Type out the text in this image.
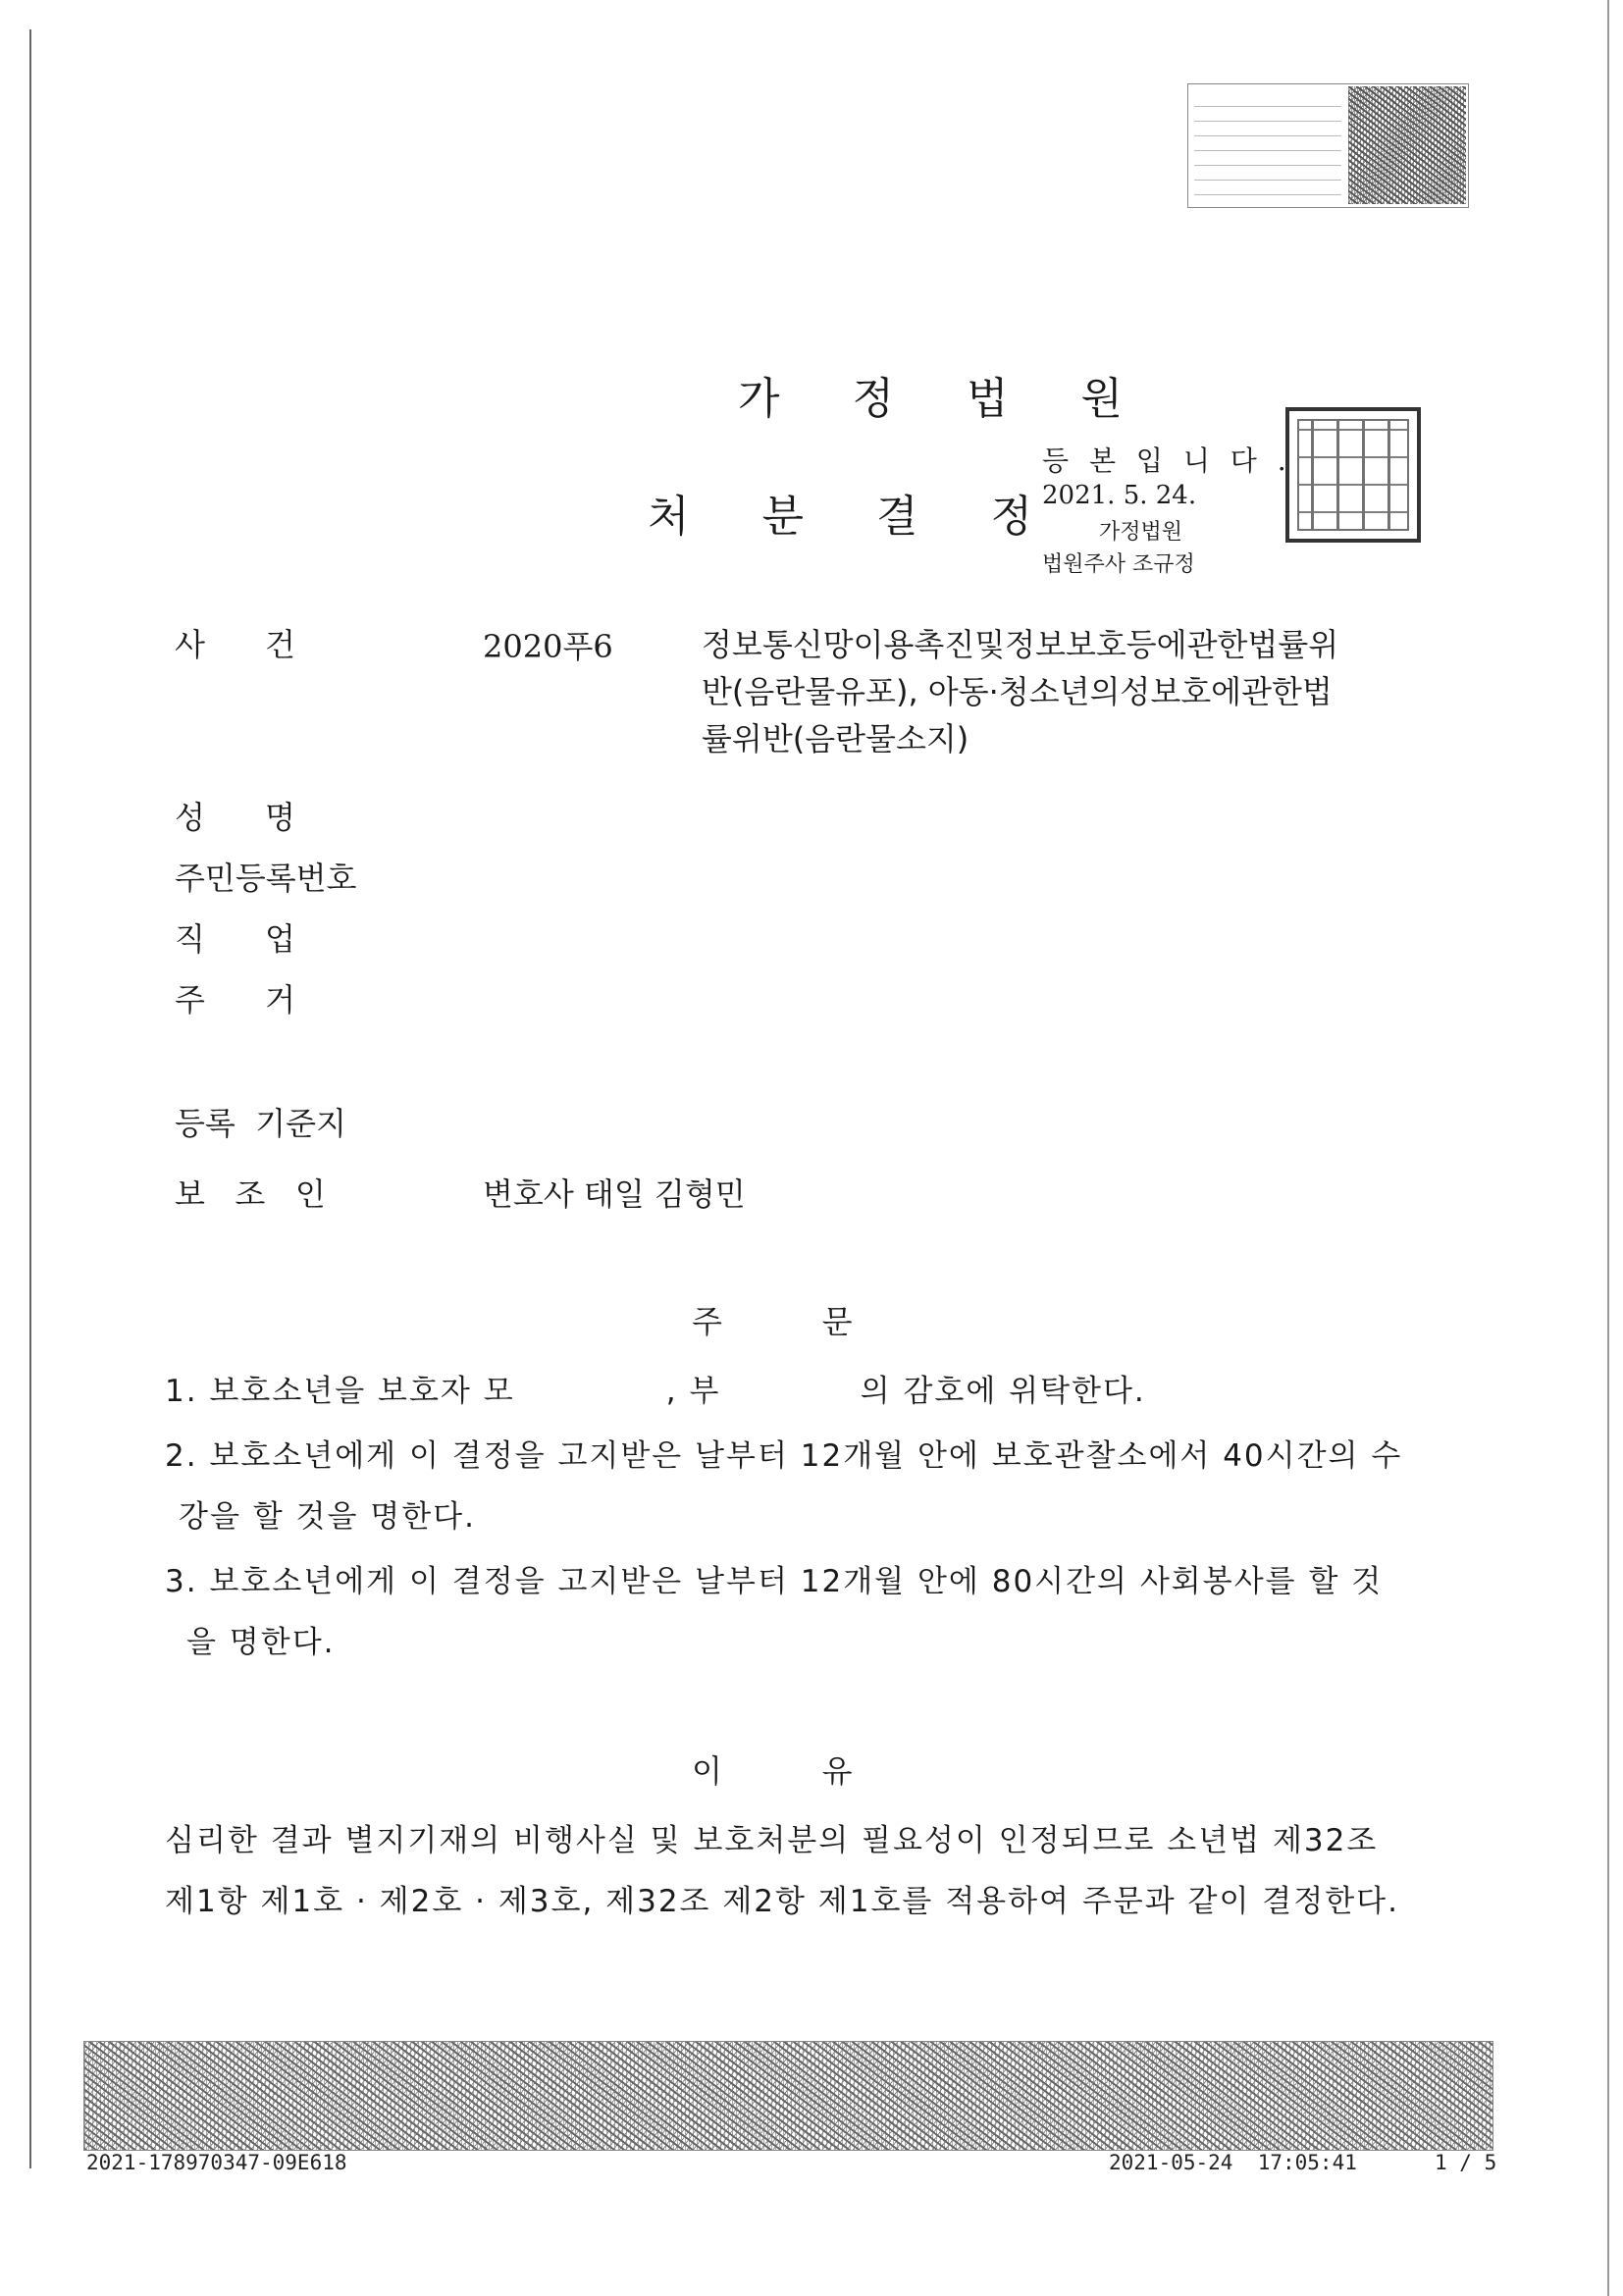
가 정 법 원
처 분 결 정
등 본 입 니 다 .
2021. 5. 24.
가정법원
법원주사 조규정
사      건	2020푸6	정보통신망이용촉진및정보보호등에관한법률위
반(음란물유포), 아동·청소년의성보호에관한법
률위반(음란물소지)
성      명
주민등록번호
직      업
주      거
등록  기준지
보   조   인	변호사 태일 김형민
주          문
1. 보호소년을 보호자 모             , 부            의 감호에 위탁한다.
2. 보호소년에게 이 결정을 고지받은 날부터 12개월 안에 보호관찰소에서 40시간의 수
강을 할 것을 명한다.
3. 보호소년에게 이 결정을 고지받은 날부터 12개월 안에 80시간의 사회봉사를 할 것
을 명한다.
이          유
심리한 결과 별지기재의 비행사실 및 보호처분의 필요성이 인정되므로 소년법 제32조
제1항 제1호 · 제2호 · 제3호, 제32조 제2항 제1호를 적용하여 주문과 같이 결정한다.
2021-178970347-09E618	2021-05-24  17:05:41	1 / 5
